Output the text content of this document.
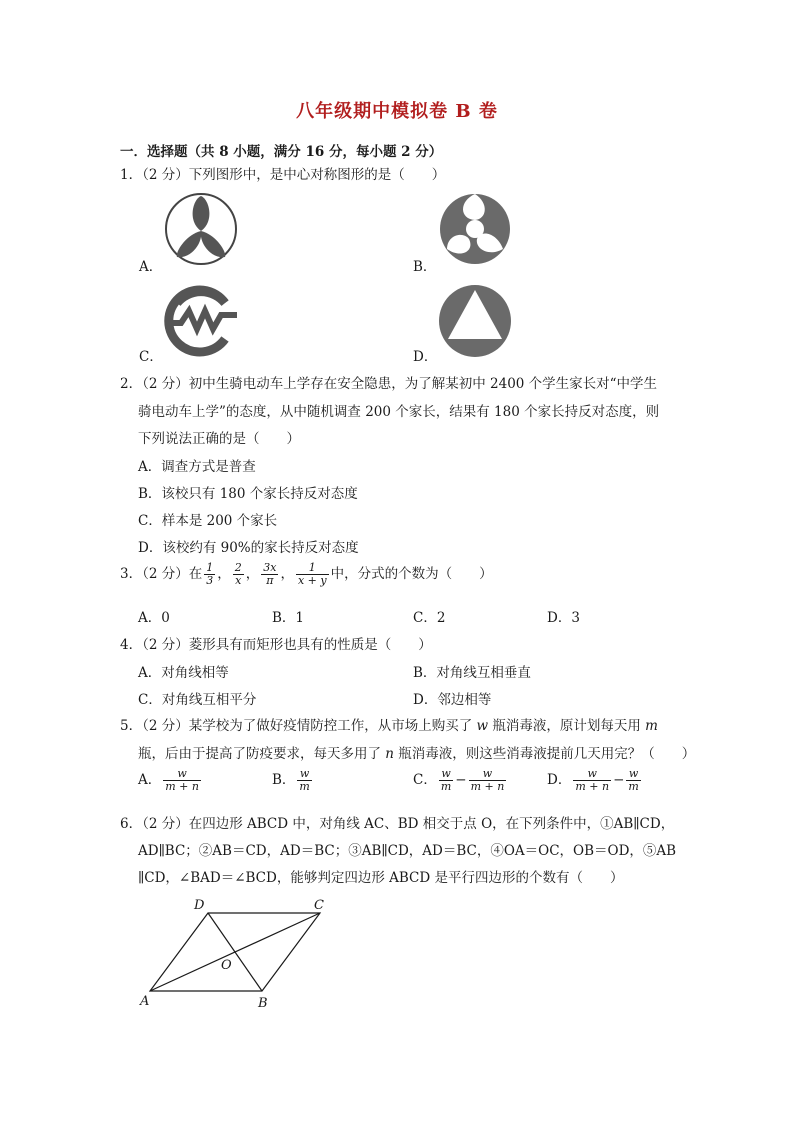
八年级期中模拟卷 B 卷
一．选择题（共 8 小题，满分 16 分，每小题 2 分）
1．（2 分）下列图形中，是中心对称图形的是（　　）
A．	B．
C．	D．
2．（2 分）初中生骑电动车上学存在安全隐患，为了解某初中 2400 个学生家长对“中学生
骑电动车上学”的态度，从中随机调查 200 个家长，结果有 180 个家长持反对态度，则
下列说法正确的是（　　）
A．调查方式是普查
B．该校只有 180 个家长持反对态度
C．样本是 200 个家长
D．该校约有 90%的家长持反对态度
3．（2 分）在 $\frac{1}{3}$ ， $\frac{2}{x}$ ， $\frac{3x}{\pi}$ ， $\frac{1}{x + y}$ 中，分式的个数为（　　）
A．0	B．1	C．2	D．3
4．（2 分）菱形具有而矩形也具有的性质是（　　）
A．对角线相等	B．对角线互相垂直
C．对角线互相平分	D．邻边相等
5．（2 分）某学校为了做好疫情防控工作，从市场上购买了 w 瓶消毒液，原计划每天用 m
瓶，后由于提高了防疫要求，每天多用了 n 瓶消毒液，则这些消毒液提前几天用完？（　　）
A． $\frac{w}{m + n}$	B． $\frac{w}{m}$	C． $\frac{w}{m} - \frac{w}{m + n}$	D． $\frac{w}{m + n} - \frac{w}{m}$
6．（2 分）在四边形 ABCD 中，对角线 AC、BD 相交于点 O，在下列条件中，①AB∥CD，
AD∥BC；②AB＝CD，AD＝BC；③AB∥CD，AD＝BC，④OA＝OC，OB＝OD，⑤AB
∥CD，∠BAD＝∠BCD，能够判定四边形 ABCD 是平行四边形的个数有（　　）
A	B
C
D
O
